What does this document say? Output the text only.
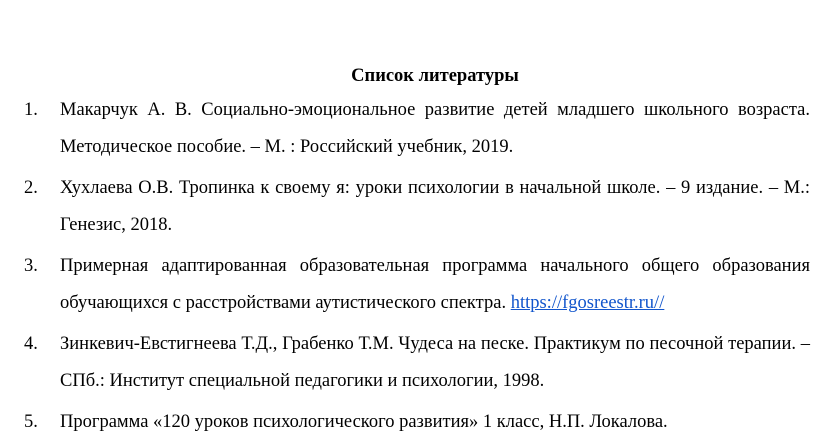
Список литературы
1. Макарчук А. В. Социально-эмоциональное развитие детей младшего школьного возраста. Методическое пособие. – М. : Российский учебник, 2019.
2. Хухлаева О.В. Тропинка к своему я: уроки психологии в начальной школе. – 9 издание. – М.: Генезис, 2018.
3. Примерная адаптированная образовательная программа начального общего образования обучающихся с расстройствами аутистического спектра. https://fgosreestr.ru//
4. Зинкевич-Евстигнеева Т.Д., Грабенко Т.М. Чудеса на песке. Практикум по песочной терапии. – СПб.: Институт специальной педагогики и психологии, 1998.
5. Программа «120 уроков психологического развития» 1 класс, Н.П. Локалова.
